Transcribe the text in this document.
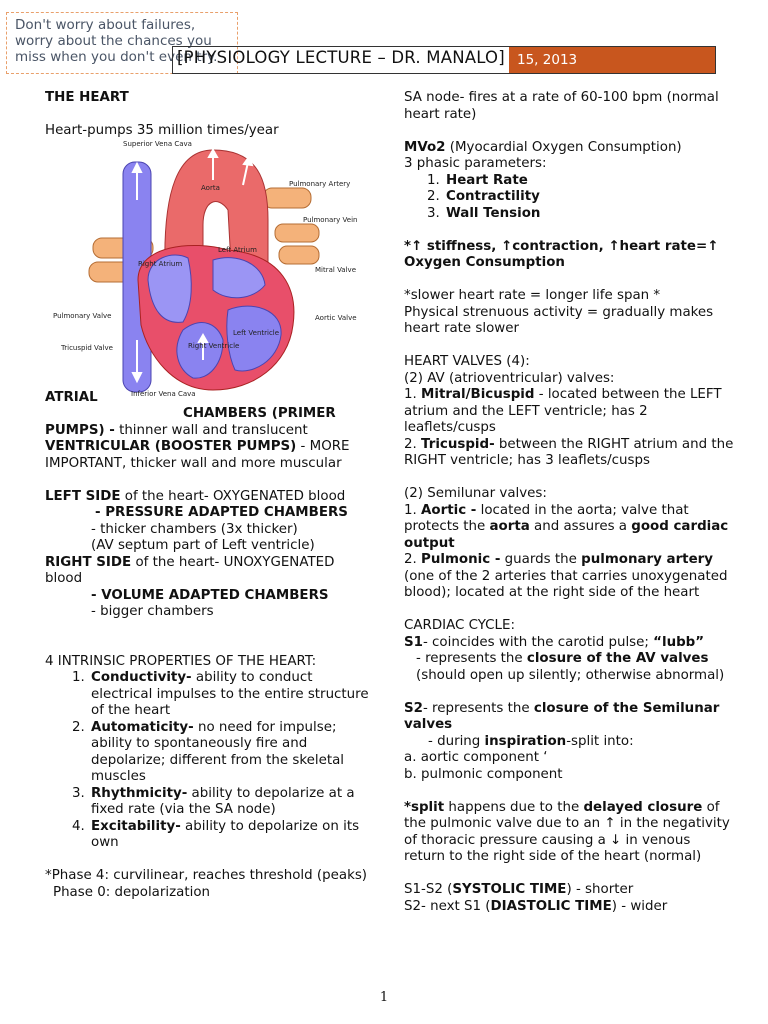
Don't worry about failures, worry about the chances you miss when you don't even try.
[PHYSIOLOGY LECTURE – DR. MANALO] 15, 2013

THE HEART

Heart-pumps 35 million times/year

Superior Vena Cava
Aorta	Pulmonary Artery
Pulmonary Vein
Left Atrium
Right Atrium
Mitral Valve
Aortic Valve
Pulmonary Valve
Left Ventricle
Right Ventricle
Tricuspid Valve
Inferior Vena Cava
ATRIAL

CHAMBERS (PRIMER

PUMPS) - thinner wall and translucent

VENTRICULAR (BOOSTER PUMPS) - MORE IMPORTANT, thicker wall and more muscular

LEFT SIDE of the heart- OXYGENATED blood

- PRESSURE ADAPTED CHAMBERS

- thicker chambers (3x thicker)

(AV septum part of Left ventricle)

RIGHT SIDE of the heart- UNOXYGENATED blood

- VOLUME ADAPTED CHAMBERS

- bigger chambers

4 INTRINSIC PROPERTIES OF THE HEART:

1. Conductivity- ability to conduct electrical impulses to the entire structure of the heart
2. Automaticity- no need for impulse; ability to spontaneously fire and depolarize; different from the skeletal muscles
3. Rhythmicity- ability to depolarize at a fixed rate (via the SA node)
4. Excitability- ability to depolarize on its own

*Phase 4: curvilinear, reaches threshold (peaks)

Phase 0: depolarization

SA node- fires at a rate of 60-100 bpm (normal heart rate)

MVo2 (Myocardial Oxygen Consumption)

3 phasic parameters:

1. Heart Rate
2. Contractility
3. Wall Tension

*↑ stiffness, ↑contraction, ↑heart rate=↑ Oxygen Consumption

*slower heart rate = longer life span *

Physical strenuous activity = gradually makes heart rate slower

HEART VALVES (4):

(2) AV (atrioventricular) valves:

1. Mitral/Bicuspid - located between the LEFT atrium and the LEFT ventricle; has 2 leaflets/cusps

2. Tricuspid- between the RIGHT atrium and the RIGHT ventricle; has 3 leaflets/cusps

(2) Semilunar valves:

1. Aortic - located in the aorta; valve that protects the aorta and assures a good cardiac output

2. Pulmonic - guards the pulmonary artery (one of the 2 arteries that carries unoxygenated blood); located at the right side of the heart

CARDIAC CYCLE:

S1- coincides with the carotid pulse; “lubb”

- represents the closure of the AV valves

(should open up silently; otherwise abnormal)

S2- represents the closure of the Semilunar valves

- during inspiration-split into:

a. aortic component ‘

b. pulmonic component

*split happens due to the delayed closure of the pulmonic valve due to an ↑ in the negativity of thoracic pressure causing a ↓ in venous return to the right side of the heart (normal)

S1-S2 (SYSTOLIC TIME) - shorter

S2- next S1 (DIASTOLIC TIME) - wider

1
